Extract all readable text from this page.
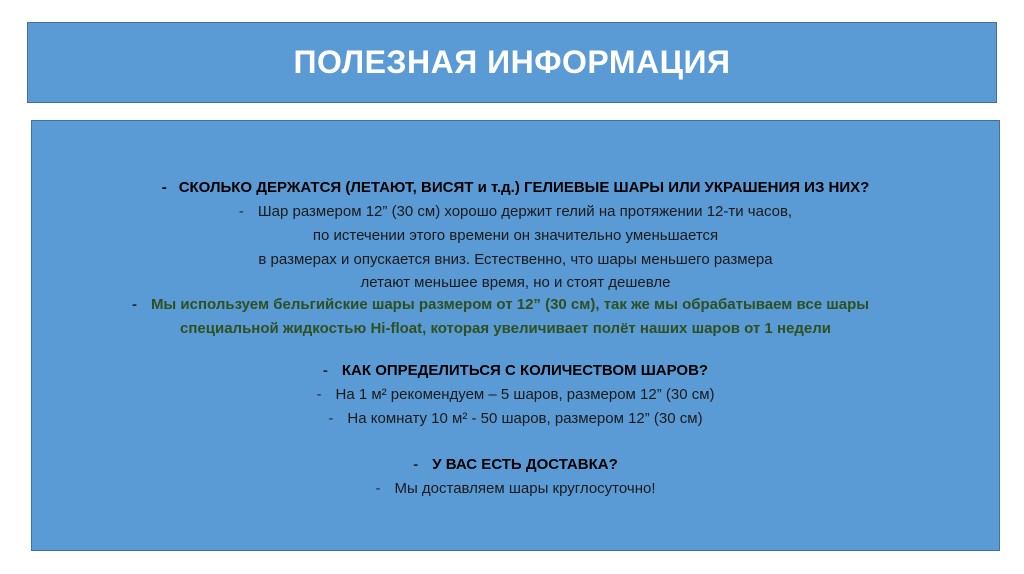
ПОЛЕЗНАЯ ИНФОРМАЦИЯ
- СКОЛЬКО ДЕРЖАТСЯ (ЛЕТАЮТ, ВИСЯТ и т.д.) ГЕЛИЕВЫЕ ШАРЫ ИЛИ УКРАШЕНИЯ ИЗ НИХ?
- Шар размером 12” (30 см) хорошо держит гелий на протяжении 12-ти часов,
по истечении этого времени он значительно уменьшается
в размерах и опускается вниз. Естественно, что шары меньшего размера
летают меньшее время, но и стоят дешевле
- Мы используем бельгийские шары размером от 12” (30 см), так же мы обрабатываем все шары
специальной жидкостью Hi-float, которая увеличивает полёт наших шаров от 1 недели
- КАК ОПРЕДЕЛИТЬСЯ С КОЛИЧЕСТВОМ ШАРОВ?
- На 1 м² рекомендуем – 5 шаров, размером 12” (30 см)
- На комнату 10 м² - 50 шаров, размером 12” (30 см)
- У ВАС ЕСТЬ ДОСТАВКА?
- Мы доставляем шары круглосуточно!
